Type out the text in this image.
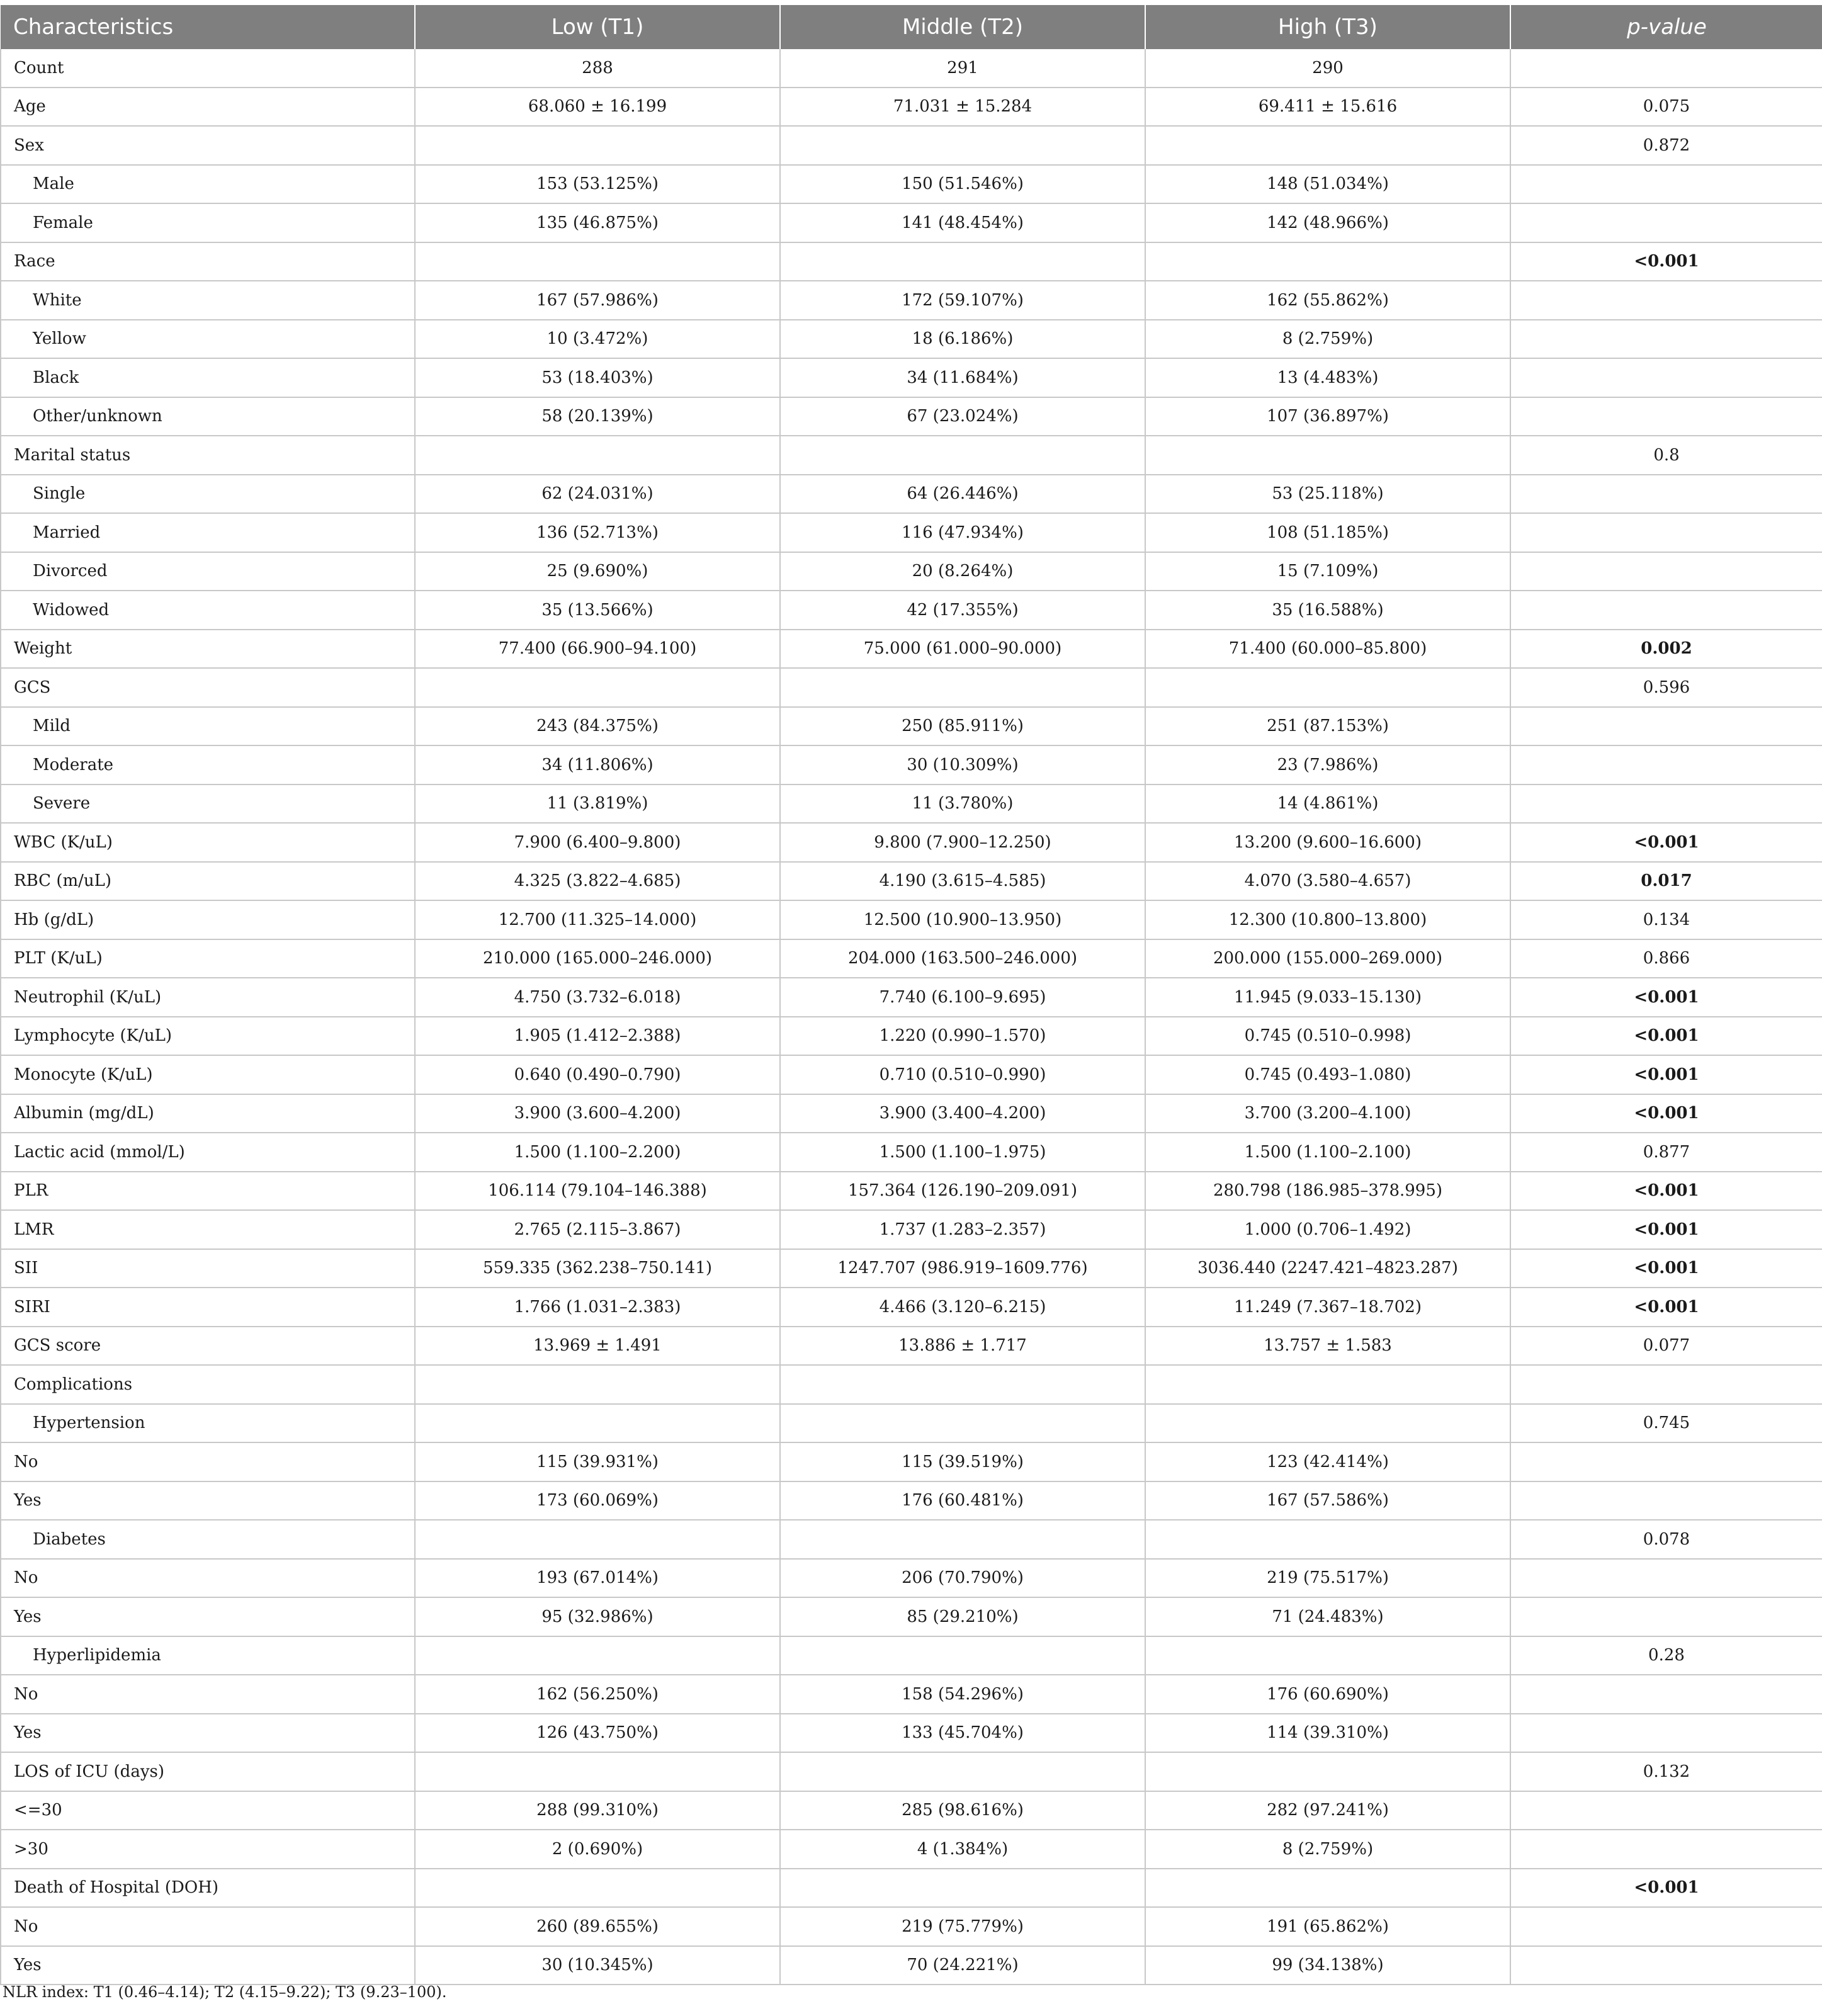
Characteristics	Low (T1)	Middle (T2)	High (T3)	p-value
Count	288	291	290	
Age	68.060 ± 16.199	71.031 ± 15.284	69.411 ± 15.616	0.075
Sex				0.872
Male	153 (53.125%)	150 (51.546%)	148 (51.034%)	
Female	135 (46.875%)	141 (48.454%)	142 (48.966%)	
Race				<0.001
White	167 (57.986%)	172 (59.107%)	162 (55.862%)	
Yellow	10 (3.472%)	18 (6.186%)	8 (2.759%)	
Black	53 (18.403%)	34 (11.684%)	13 (4.483%)	
Other/unknown	58 (20.139%)	67 (23.024%)	107 (36.897%)	
Marital status				0.8
Single	62 (24.031%)	64 (26.446%)	53 (25.118%)	
Married	136 (52.713%)	116 (47.934%)	108 (51.185%)	
Divorced	25 (9.690%)	20 (8.264%)	15 (7.109%)	
Widowed	35 (13.566%)	42 (17.355%)	35 (16.588%)	
Weight	77.400 (66.900–94.100)	75.000 (61.000–90.000)	71.400 (60.000–85.800)	0.002
GCS				0.596
Mild	243 (84.375%)	250 (85.911%)	251 (87.153%)	
Moderate	34 (11.806%)	30 (10.309%)	23 (7.986%)	
Severe	11 (3.819%)	11 (3.780%)	14 (4.861%)	
WBC (K/uL)	7.900 (6.400–9.800)	9.800 (7.900–12.250)	13.200 (9.600–16.600)	<0.001
RBC (m/uL)	4.325 (3.822–4.685)	4.190 (3.615–4.585)	4.070 (3.580–4.657)	0.017
Hb (g/dL)	12.700 (11.325–14.000)	12.500 (10.900–13.950)	12.300 (10.800–13.800)	0.134
PLT (K/uL)	210.000 (165.000–246.000)	204.000 (163.500–246.000)	200.000 (155.000–269.000)	0.866
Neutrophil (K/uL)	4.750 (3.732–6.018)	7.740 (6.100–9.695)	11.945 (9.033–15.130)	<0.001
Lymphocyte (K/uL)	1.905 (1.412–2.388)	1.220 (0.990–1.570)	0.745 (0.510–0.998)	<0.001
Monocyte (K/uL)	0.640 (0.490–0.790)	0.710 (0.510–0.990)	0.745 (0.493–1.080)	<0.001
Albumin (mg/dL)	3.900 (3.600–4.200)	3.900 (3.400–4.200)	3.700 (3.200–4.100)	<0.001
Lactic acid (mmol/L)	1.500 (1.100–2.200)	1.500 (1.100–1.975)	1.500 (1.100–2.100)	0.877
PLR	106.114 (79.104–146.388)	157.364 (126.190–209.091)	280.798 (186.985–378.995)	<0.001
LMR	2.765 (2.115–3.867)	1.737 (1.283–2.357)	1.000 (0.706–1.492)	<0.001
SII	559.335 (362.238–750.141)	1247.707 (986.919–1609.776)	3036.440 (2247.421–4823.287)	<0.001
SIRI	1.766 (1.031–2.383)	4.466 (3.120–6.215)	11.249 (7.367–18.702)	<0.001
GCS score	13.969 ± 1.491	13.886 ± 1.717	13.757 ± 1.583	0.077
Complications				
Hypertension				0.745
No	115 (39.931%)	115 (39.519%)	123 (42.414%)	
Yes	173 (60.069%)	176 (60.481%)	167 (57.586%)	
Diabetes				0.078
No	193 (67.014%)	206 (70.790%)	219 (75.517%)	
Yes	95 (32.986%)	85 (29.210%)	71 (24.483%)	
Hyperlipidemia				0.28
No	162 (56.250%)	158 (54.296%)	176 (60.690%)	
Yes	126 (43.750%)	133 (45.704%)	114 (39.310%)	
LOS of ICU (days)				0.132
<=30	288 (99.310%)	285 (98.616%)	282 (97.241%)	
>30	2 (0.690%)	4 (1.384%)	8 (2.759%)	
Death of Hospital (DOH)				<0.001
No	260 (89.655%)	219 (75.779%)	191 (65.862%)	
Yes	30 (10.345%)	70 (24.221%)	99 (34.138%)	
NLR index: T1 (0.46–4.14); T2 (4.15–9.22); T3 (9.23–100).
